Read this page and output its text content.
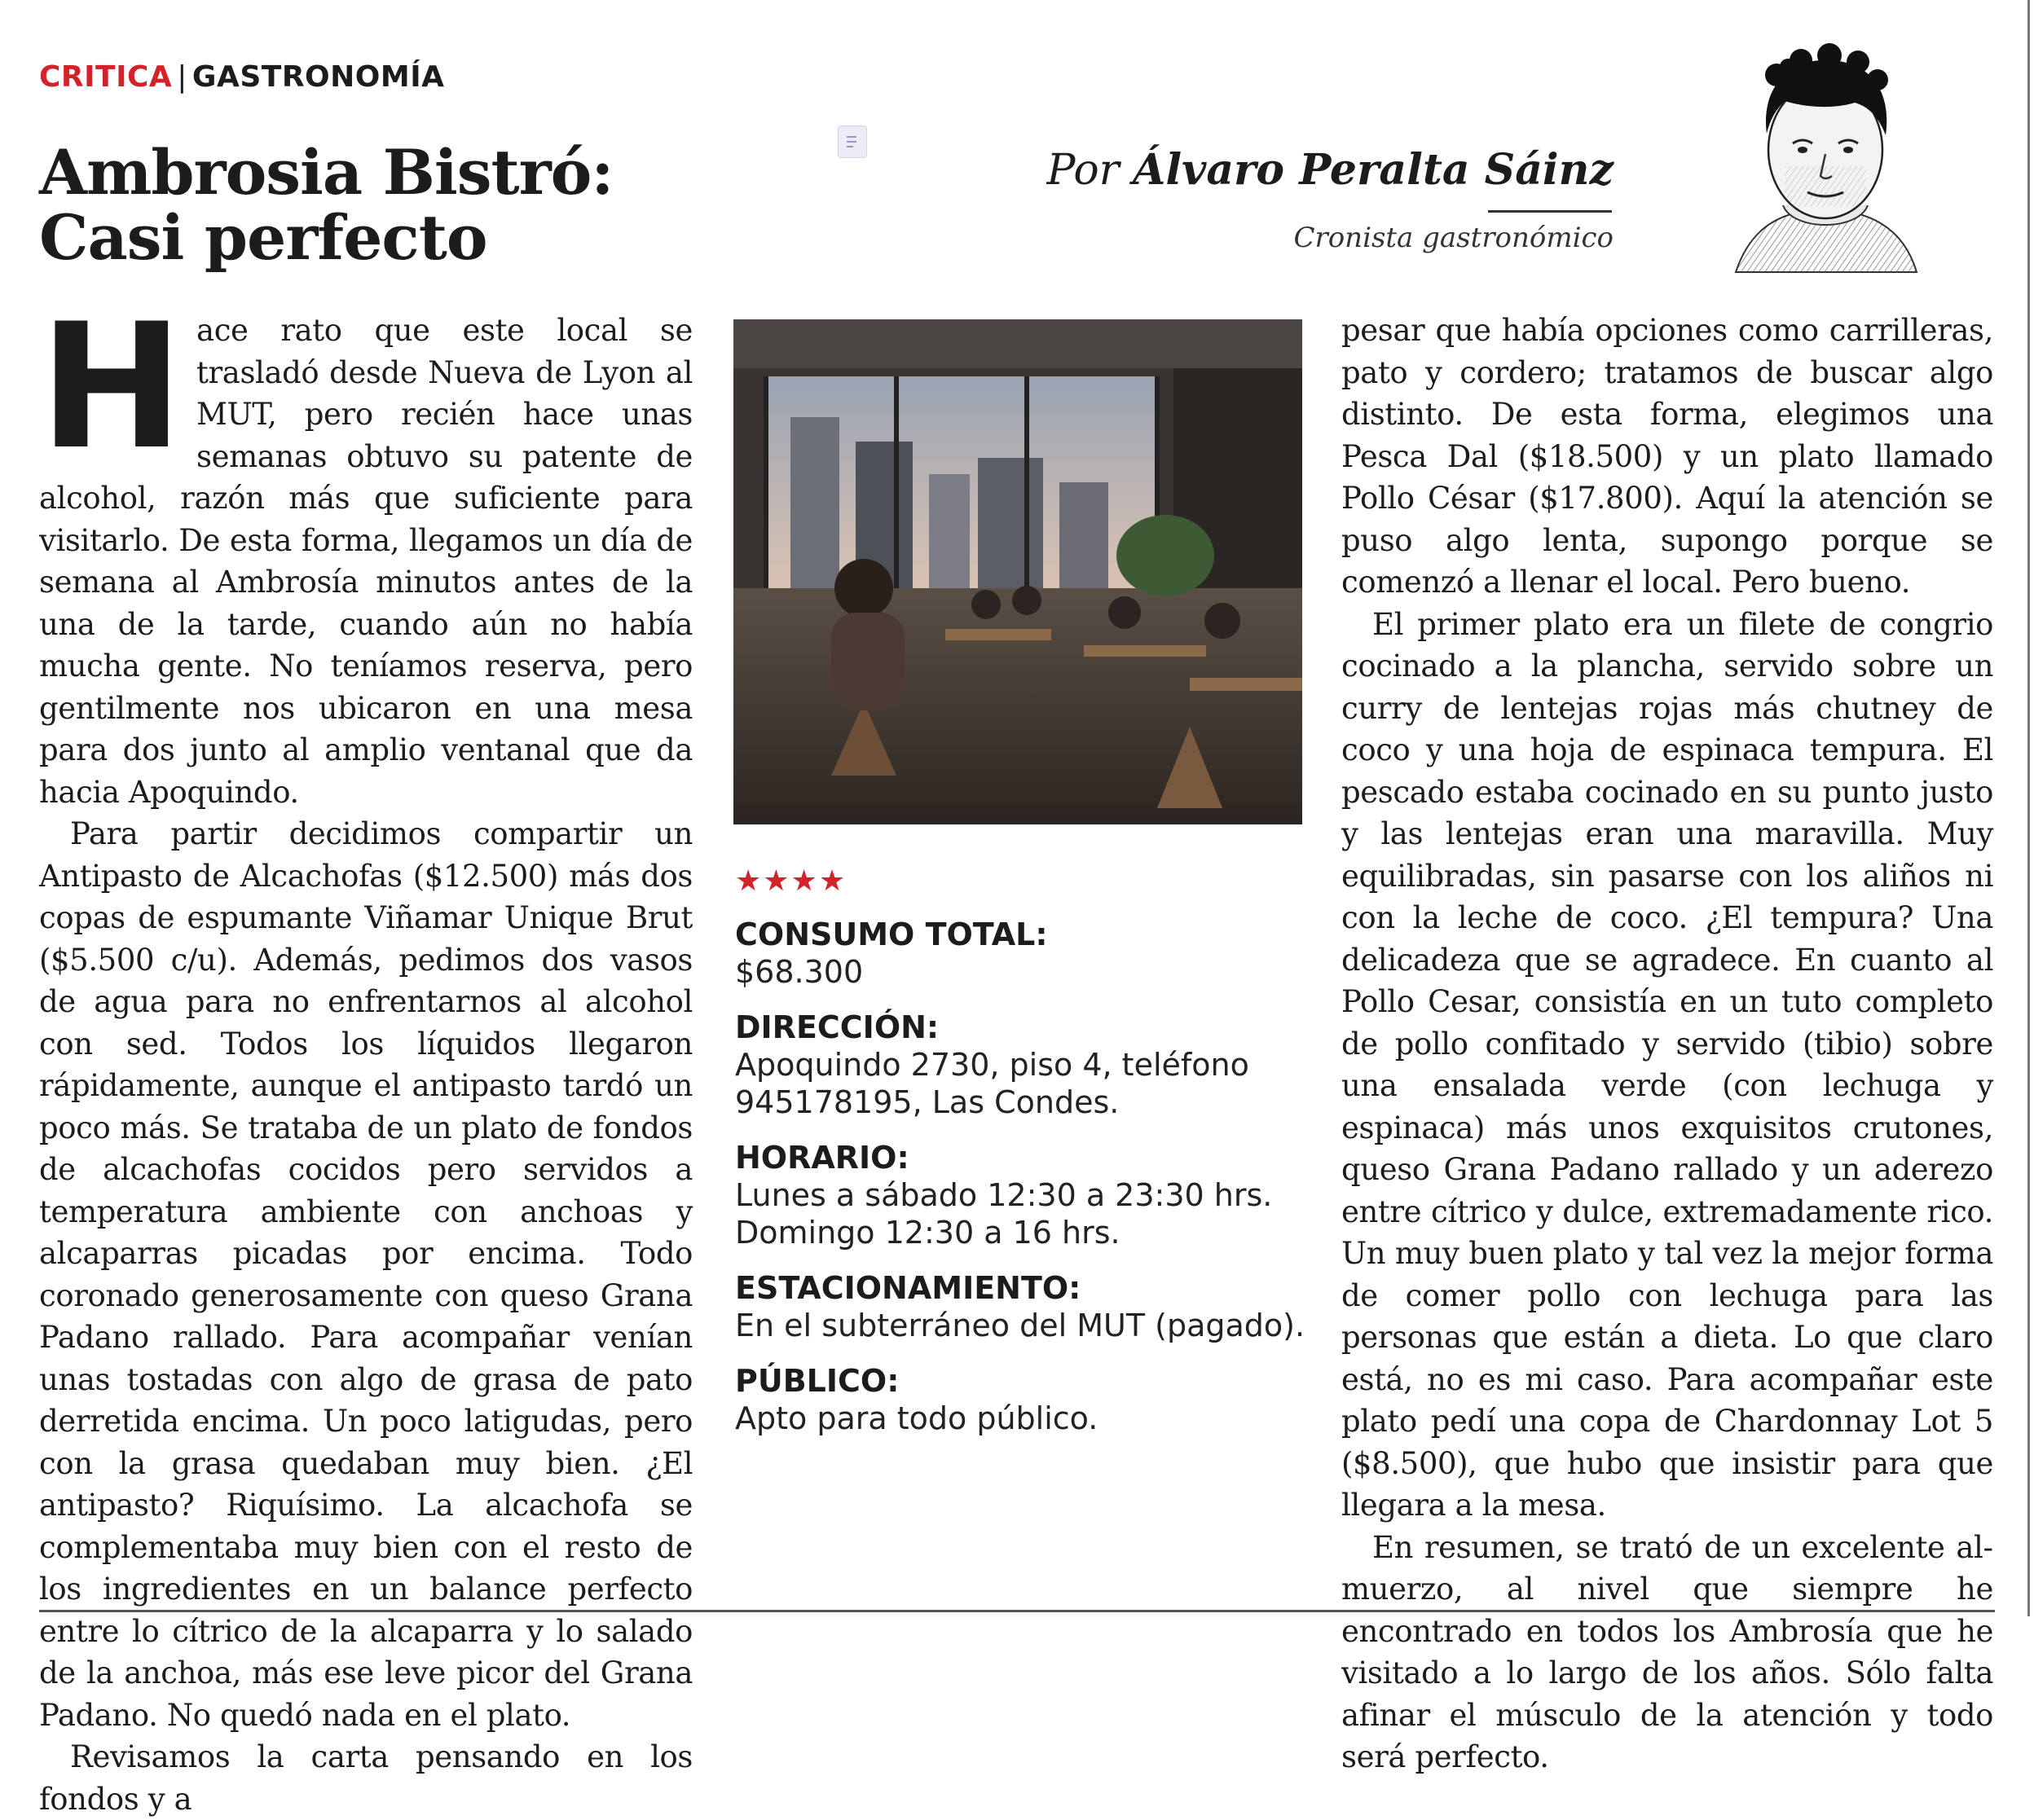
CRITICA | GASTRONOMÍA
Ambrosia Bistró:
Casi perfecto
Por Álvaro Peralta Sáinz
Cronista gastronómico

Hace rato que este local se trasladó desde Nueva de Lyon al MUT, pero recién hace unas semanas obtuvo su patente de alcohol, razón más que suficiente para visitarlo. De esta forma, llegamos un día de semana al Ambrosía minutos antes de la una de la tarde, cuando aún no había mucha gente. No teníamos reserva, pero gentilmente nos ubicaron en una mesa para dos junto al amplio ventanal que da hacia Apoquindo.

Para partir decidimos compartir un Antipasto de Alcachofas ($12.500) más dos copas de espumante Viñamar Unique Brut ($5.500 c/u). Además, pedimos dos vasos de agua para no enfrentarnos al alcohol con sed. Todos los líquidos llegaron rápidamente, aunque el antipasto tardó un poco más. Se trataba de un plato de fondos de alcachofas cocidos pero servidos a temperatura ambiente con anchoas y alcaparras picadas por encima. Todo coronado generosamente con queso Grana Padano rallado. Para acompañar venían unas tostadas con algo de grasa de pato derretida encima. Un poco latigudas, pero con la grasa quedaban muy bien. ¿El antipasto? Riquísimo. La alcachofa se complementaba muy bien con el resto de los ingredientes en un balance perfecto entre lo cítrico de la alcaparra y lo salado de la anchoa, más ese leve picor del Grana Padano. No quedó nada en el plato.

Revisamos la carta pensando en los fondos y a

★★★★
CONSUMO TOTAL:
$68.300
DIRECCIÓN:
Apoquindo 2730, piso 4, teléfono 945178195, Las Condes.
HORARIO:
Lunes a sábado 12:30 a 23:30 hrs.
Domingo 12:30 a 16 hrs.
ESTACIONAMIENTO:
En el subterráneo del MUT (pagado).
PÚBLICO:
Apto para todo público.

pesar que había opciones como carrilleras, pato y cordero; tratamos de buscar algo distinto. De esta forma, elegimos una Pesca Dal ($18.500) y un plato llamado Pollo César ($17.800). Aquí la atención se puso algo lenta, supongo porque se comenzó a llenar el local. Pero bueno.

El primer plato era un filete de congrio cocinado a la plancha, servido sobre un curry de lentejas rojas más chutney de coco y una hoja de espinaca tempura. El pescado estaba cocinado en su punto justo y las lentejas eran una maravilla. Muy equilibradas, sin pasarse con los aliños ni con la leche de coco. ¿El tempura? Una delicadeza que se agradece. En cuanto al Pollo Cesar, consistía en un tuto completo de pollo confitado y servido (tibio) sobre una ensalada verde (con lechuga y espinaca) más unos exquisitos crutones, queso Grana Padano rallado y un aderezo entre cítrico y dulce, extremadamente rico. Un muy buen plato y tal vez la mejor forma de comer pollo con lechuga para las personas que están a dieta. Lo que claro está, no es mi caso. Para acompañar este plato pedí una copa de Chardonnay Lot 5 ($8.500), que hubo que insistir para que llegara a la mesa.

En resumen, se trató de un excelente almuerzo, al nivel que siempre he encontrado en todos los Ambrosía que he visitado a lo largo de los años. Sólo falta afinar el músculo de la atención y todo será perfecto.
